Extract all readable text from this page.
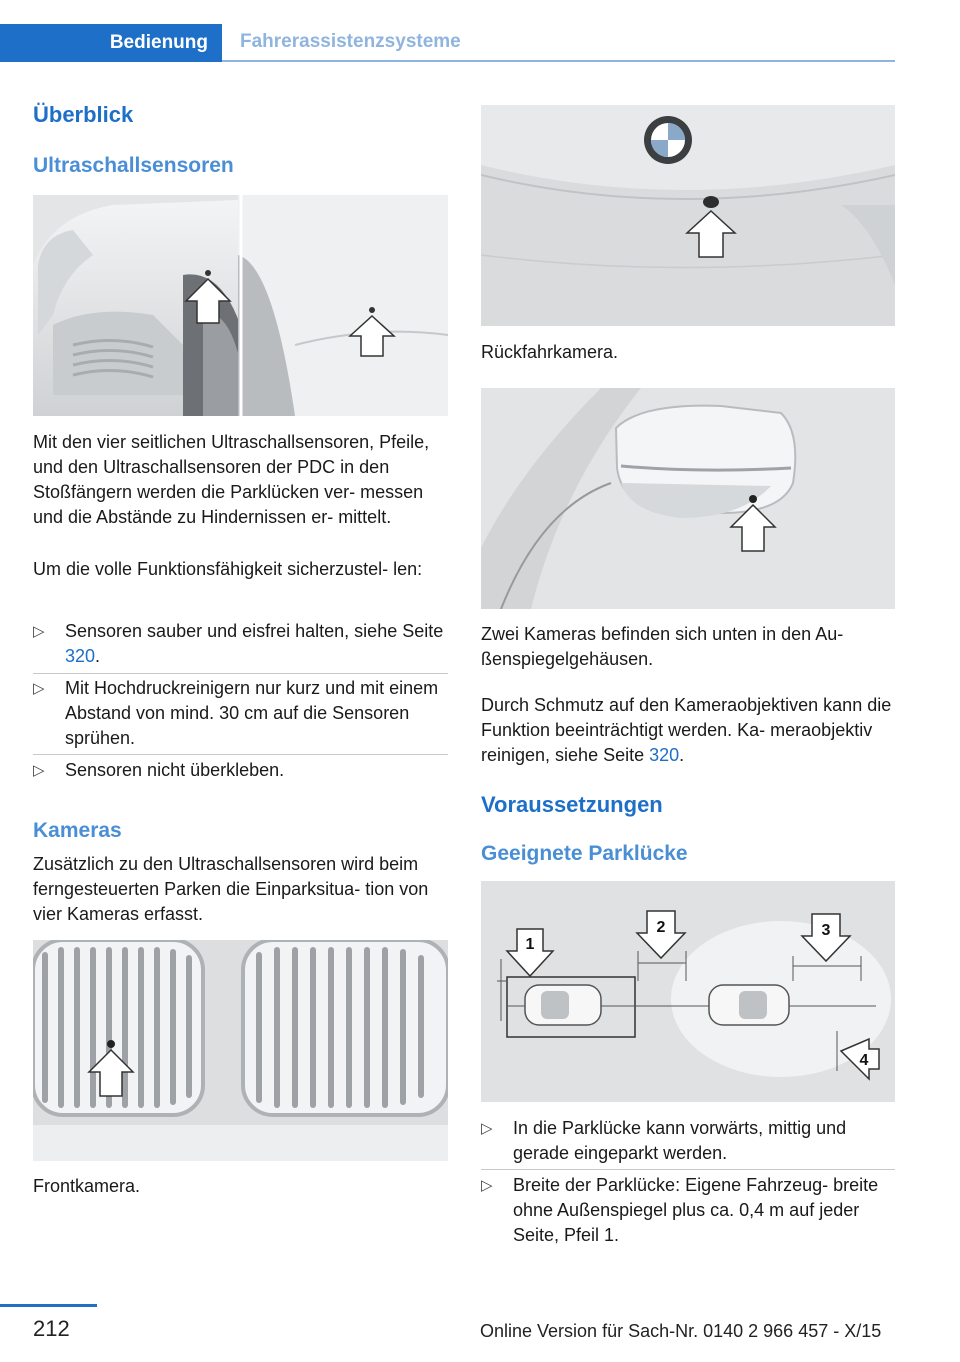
Bedienung	Fahrerassistenzsysteme
Überblick
Ultraschallsensoren
Mit den vier seitlichen Ultraschallsensoren, Pfeile, und den Ultraschallsensoren der PDC in den Stoßfängern werden die Parklücken ver- messen und die Abstände zu Hindernissen er- mittelt.
Um die volle Funktionsfähigkeit sicherzustel- len:
▷ Sensoren sauber und eisfrei halten, siehe Seite 320.
▷ Mit Hochdruckreinigern nur kurz und mit einem Abstand von mind. 30 cm auf die Sensoren sprühen.
▷ Sensoren nicht überkleben.
Kameras
Zusätzlich zu den Ultraschallsensoren wird beim ferngesteuerten Parken die Einparksitua- tion von vier Kameras erfasst.
Frontkamera.
Rückfahrkamera.
Zwei Kameras befinden sich unten in den Au- ßenspiegelgehäusen.
Durch Schmutz auf den Kameraobjektiven kann die Funktion beeinträchtigt werden. Ka- meraobjektiv reinigen, siehe Seite 320.
Voraussetzungen
Geeignete Parklücke
1
2	3
4
▷ In die Parklücke kann vorwärts, mittig und gerade eingeparkt werden.
▷ Breite der Parklücke: Eigene Fahrzeug- breite ohne Außenspiegel plus ca. 0,4 m auf jeder Seite, Pfeil 1.
212	Online Version für Sach-Nr. 0140 2 966 457 - X/15
